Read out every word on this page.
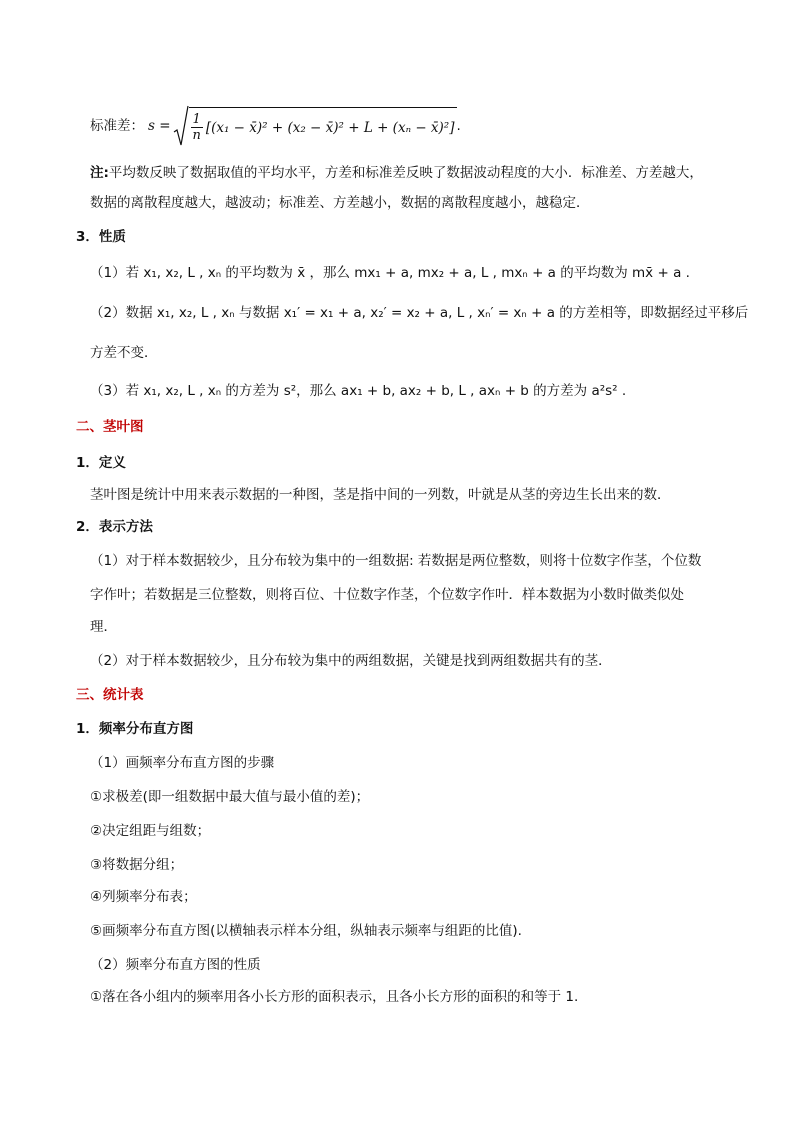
标准差： $s = \frac{1}{n} [(x_1$ − x̄)² + (x₂ − x̄)² + L + (xₙ − x̄)²] .
注:平均数反映了数据取值的平均水平，方差和标准差反映了数据波动程度的大小．标准差、方差越大，
数据的离散程度越大，越波动；标准差、方差越小，数据的离散程度越小，越稳定．
3．性质
（1）若 x₁, x₂, L , xₙ 的平均数为 x̄ ，那么 mx₁ + a, mx₂ + a, L , mxₙ + a 的平均数为 mx̄ + a .
（2）数据 x₁, x₂, L , xₙ 与数据 x₁′ = x₁ + a, x₂′ = x₂ + a, L , xₙ′ = xₙ + a 的方差相等，即数据经过平移后
方差不变．
（3）若 x₁, x₂, L , xₙ 的方差为 s²，那么 ax₁ + b, ax₂ + b, L , axₙ + b 的方差为 a²s² .
二、茎叶图
1．定义
茎叶图是统计中用来表示数据的一种图，茎是指中间的一列数，叶就是从茎的旁边生长出来的数．
2．表示方法
（1）对于样本数据较少，且分布较为集中的一组数据: 若数据是两位整数，则将十位数字作茎，个位数
字作叶；若数据是三位整数，则将百位、十位数字作茎，个位数字作叶．样本数据为小数时做类似处
理．
（2）对于样本数据较少，且分布较为集中的两组数据，关键是找到两组数据共有的茎．
三、统计表
1．频率分布直方图
（1）画频率分布直方图的步骤
①求极差(即一组数据中最大值与最小值的差)；
②决定组距与组数；
③将数据分组；
④列频率分布表；
⑤画频率分布直方图(以横轴表示样本分组，纵轴表示频率与组距的比值).
（2）频率分布直方图的性质
①落在各小组内的频率用各小长方形的面积表示，且各小长方形的面积的和等于 1.
